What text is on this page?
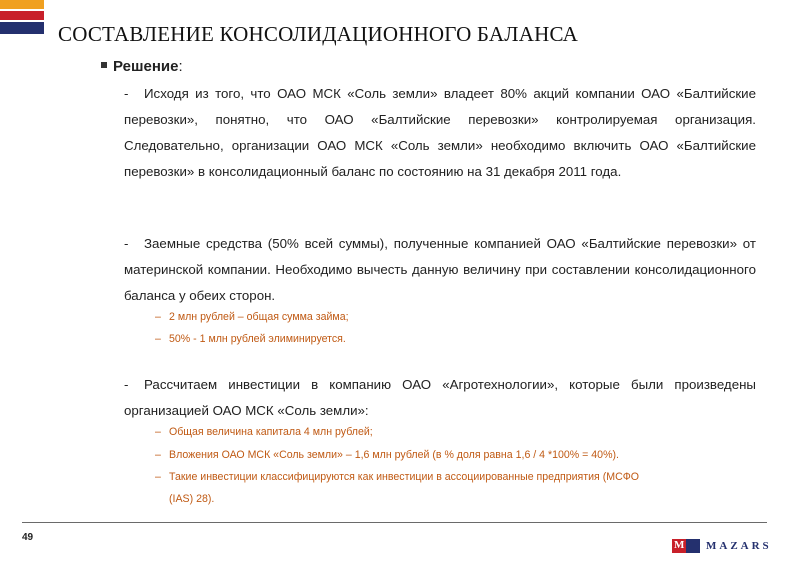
СОСТАВЛЕНИЕ КОНСОЛИДАЦИОННОГО БАЛАНСА
Решение:
- Исходя из того, что ОАО МСК «Соль земли» владеет 80% акций компании ОАО «Балтийские перевозки», понятно, что ОАО «Балтийские перевозки» контролируемая организация. Следовательно, организации ОАО МСК «Соль земли» необходимо включить ОАО «Балтийские перевозки» в консолидационный баланс по состоянию на 31 декабря 2011 года.
- Заемные средства (50% всей суммы), полученные компанией ОАО «Балтийские перевозки» от материнской компании. Необходимо вычесть данную величину при составлении консолидационного баланса у обеих сторон.
– 2 млн рублей – общая сумма займа;
– 50% - 1 млн рублей элиминируется.
- Рассчитаем инвестиции в компанию ОАО «Агротехнологии», которые были произведены организацией ОАО МСК «Соль земли»:
– Общая величина капитала 4 млн рублей;
– Вложения ОАО МСК «Соль земли» – 1,6 млн рублей (в % доля равна 1,6 / 4 *100% = 40%).
– Такие инвестиции классифицируются как инвестиции в ассоциированные предприятия (МСФО
(IAS) 28).
49
M MAZARS
